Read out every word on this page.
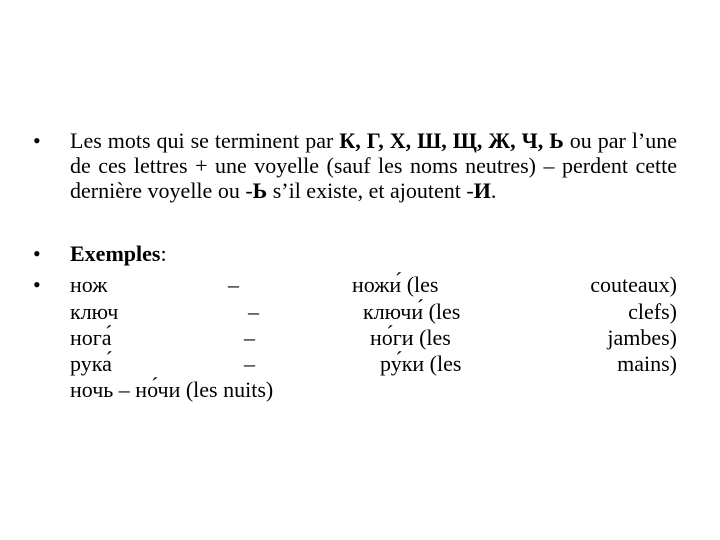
• Les mots qui se terminent par К, Г, Х, Ш, Щ, Ж, Ч, Ь ou par l’une de ces lettres + une voyelle (sauf les noms neutres) – perdent cette dernière voyelle ou -Ь s’il existe, et ajoutent -И.
• Exemples:
• нож	–	ножи́ (les	couteaux)
ключ	–	ключи́ (les	clefs)
нога́	–	но́ги (les	jambes)
рука́	–	ру́ки (les	mains)
ночь – но́чи (les nuits)
